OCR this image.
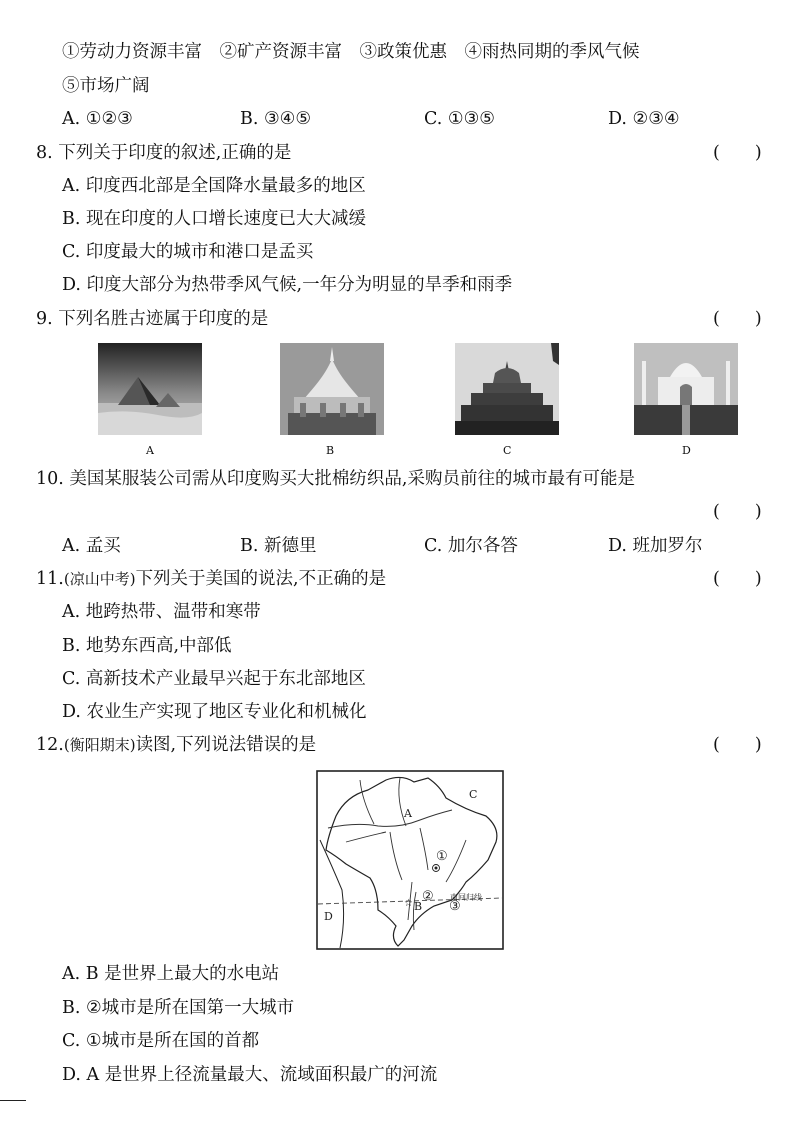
①劳动力资源丰富　②矿产资源丰富　③政策优惠　④雨热同期的季风气候
⑤市场广阔
A. ①②③	B. ③④⑤	C. ①③⑤	D. ②③④
8. 下列关于印度的叙述,正确的是	(　　)
A. 印度西北部是全国降水量最多的地区
B. 现在印度的人口增长速度已大大减缓
C. 印度最大的城市和港口是孟买
D. 印度大部分为热带季风气候,一年分为明显的旱季和雨季
9. 下列名胜古迹属于印度的是	(　　)
A	B	C	D
10. 美国某服装公司需从印度购买大批棉纺织品,采购员前往的城市最有可能是
(　　)
A. 孟买	B. 新德里	C. 加尔各答	D. 班加罗尔
11.(凉山中考)下列关于美国的说法,不正确的是	(　　)
A. 地跨热带、温带和寒带
B. 地势东西高,中部低
C. 高新技术产业最早兴起于东北部地区
D. 农业生产实现了地区专业化和机械化
12.(衡阳期末)读图,下列说法错误的是	(　　)
☆
C
A
①
②
③
B
D
南回归线
A. B 是世界上最大的水电站
B. ②城市是所在国第一大城市
C. ①城市是所在国的首都
D. A 是世界上径流量最大、流域面积最广的河流
